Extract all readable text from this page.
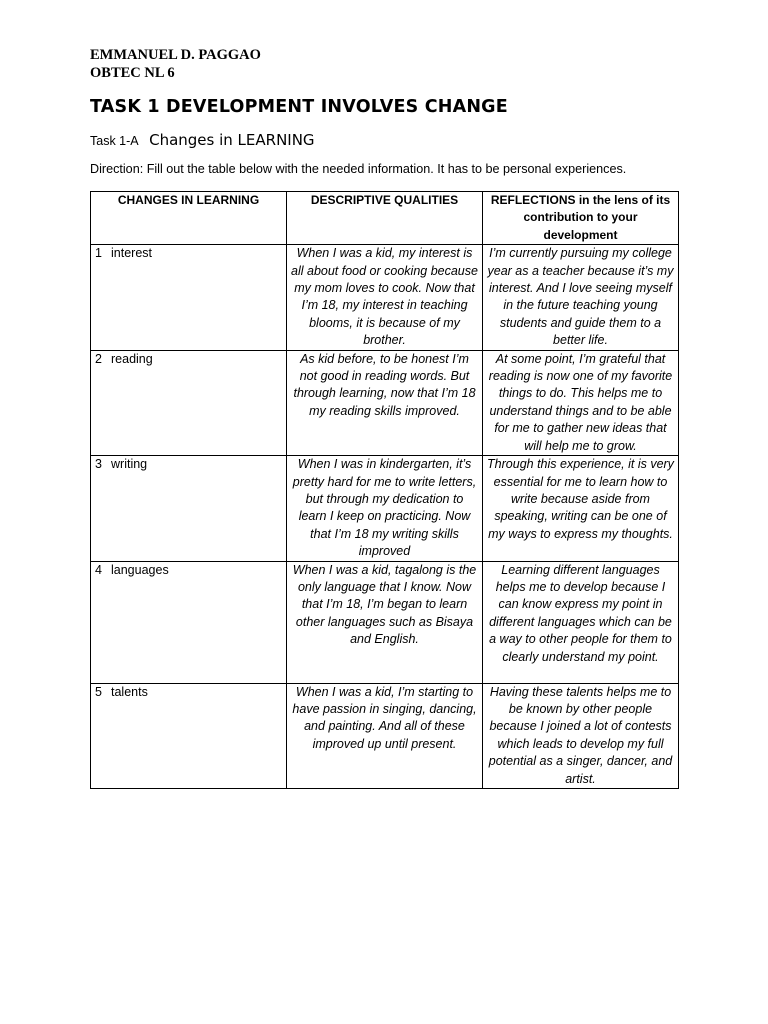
EMMANUEL D. PAGGAO
OBTEC NL 6
TASK 1 DEVELOPMENT INVOLVES CHANGE
Task 1-A Changes in LEARNING
Direction: Fill out the table below with the needed information. It has to be personal experiences.
CHANGES IN LEARNING	DESCRIPTIVE QUALITIES	REFLECTIONS in the lens of its contribution to your development
1 interest	When I was a kid, my interest is all about food or cooking because my mom loves to cook. Now that I’m 18, my interest in teaching blooms, it is because of my brother.	I’m currently pursuing my college year as a teacher because it’s my interest. And I love seeing myself in the future teaching young students and guide them to a better life.
2 reading	As kid before, to be honest I’m not good in reading words. But through learning, now that I’m 18 my reading skills improved.	At some point, I’m grateful that reading is now one of my favorite things to do. This helps me to understand things and to be able for me to gather new ideas that will help me to grow.
3 writing	When I was in kindergarten, it’s pretty hard for me to write letters, but through my dedication to learn I keep on practicing. Now that I’m 18 my writing skills improved	Through this experience, it is very essential for me to learn how to write because aside from speaking, writing can be one of my ways to express my thoughts.
4 languages	When I was a kid, tagalong is the only language that I know. Now that I’m 18, I’m began to learn other languages such as Bisaya and English.	Learning different languages helps me to develop because I can know express my point in different languages which can be a way to other people for them to clearly understand my point.
5 talents	When I was a kid, I’m starting to have passion in singing, dancing, and painting. And all of these improved up until present.	Having these talents helps me to be known by other people because I joined a lot of contests which leads to develop my full potential as a singer, dancer, and artist.
